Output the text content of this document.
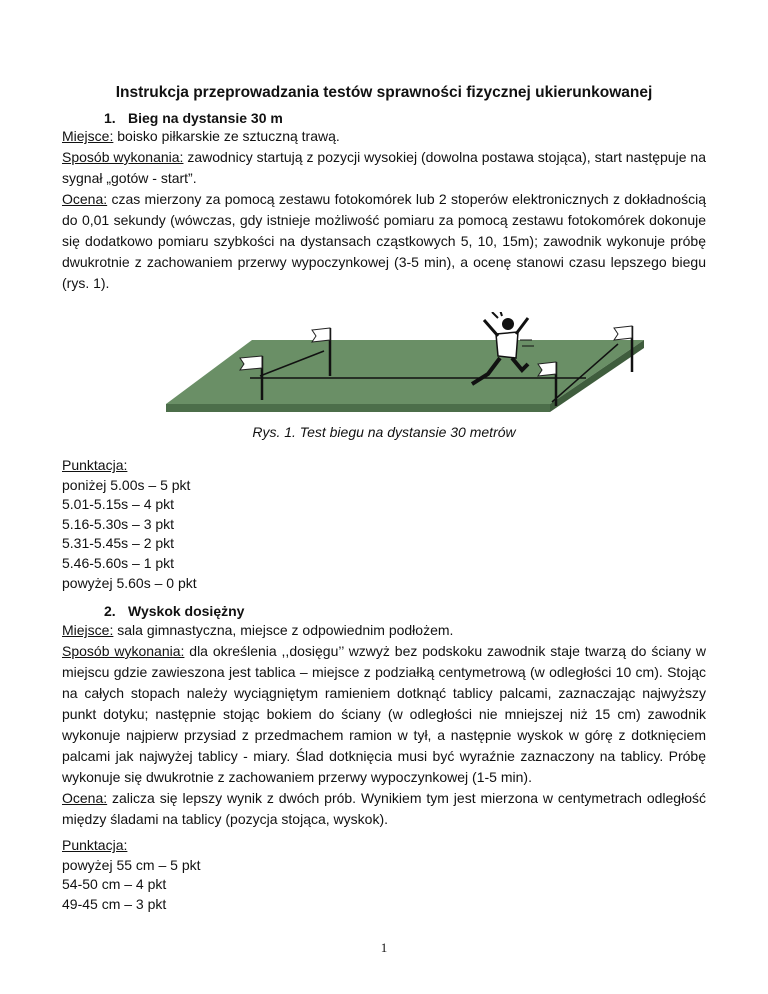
Instrukcja przeprowadzania testów sprawności fizycznej ukierunkowanej
1. Bieg na dystansie 30 m

Miejsce: boisko piłkarskie ze sztuczną trawą.

Sposób wykonania: zawodnicy startują z pozycji wysokiej (dowolna postawa stojąca), start następuje na sygnał „gotów - start”.

Ocena: czas mierzony za pomocą zestawu fotokomórek lub 2 stoperów elektronicznych z dokładnością do 0,01 sekundy (wówczas, gdy istnieje możliwość pomiaru za pomocą zestawu fotokomórek dokonuje się dodatkowo pomiaru szybkości na dystansach cząstkowych 5, 10, 15m); zawodnik wykonuje próbę dwukrotnie z zachowaniem przerwy wypoczynkowej (3-5 min), a ocenę stanowi czasu lepszego biegu (rys. 1).

Rys. 1. Test biegu na dystansie 30 metrów
Punktacja:
poniżej 5.00s – 5 pkt
5.01-5.15s – 4 pkt
5.16-5.30s – 3 pkt
5.31-5.45s – 2 pkt
5.46-5.60s – 1 pkt
powyżej 5.60s – 0 pkt
2. Wyskok dosiężny

Miejsce: sala gimnastyczna, miejsce z odpowiednim podłożem.

Sposób wykonania: dla określenia ,,dosięgu’’ wzwyż bez podskoku zawodnik staje twarzą do ściany w miejscu gdzie zawieszona jest tablica – miejsce z podziałką centymetrową (w odległości 10 cm). Stojąc na całych stopach należy wyciągniętym ramieniem dotknąć tablicy palcami, zaznaczając najwyższy punkt dotyku; następnie stojąc bokiem do ściany (w odległości nie mniejszej niż 15 cm) zawodnik wykonuje najpierw przysiad z przedmachem ramion w tył, a następnie wyskok w górę z dotknięciem palcami jak najwyżej tablicy - miary. Ślad dotknięcia musi być wyraźnie zaznaczony na tablicy. Próbę wykonuje się dwukrotnie z zachowaniem przerwy wypoczynkowej (1-5 min).

Ocena: zalicza się lepszy wynik z dwóch prób. Wynikiem tym jest mierzona w centymetrach odległość między śladami na tablicy (pozycja stojąca, wyskok).

Punktacja:
powyżej 55 cm – 5 pkt
54-50 cm – 4 pkt
49-45 cm – 3 pkt
1
